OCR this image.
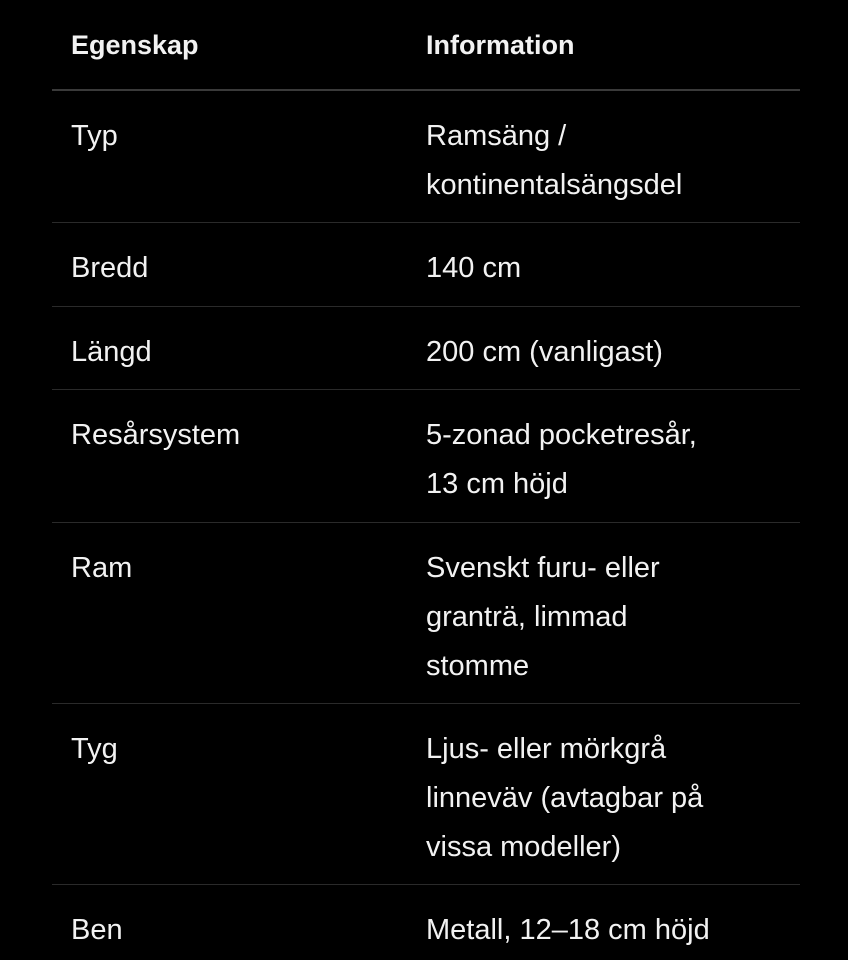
Egenskap	Information
Typ	Ramsäng /
kontinentalsängsdel
Bredd	140 cm
Längd	200 cm (vanligast)
Resårsystem	5-zonad pocketresår,
13 cm höjd
Ram	Svenskt furu- eller
granträ, limmad
stomme
Tyg	Ljus- eller mörkgrå
linneväv (avtagbar på
vissa modeller)
Ben	Metall, 12–18 cm höjd
